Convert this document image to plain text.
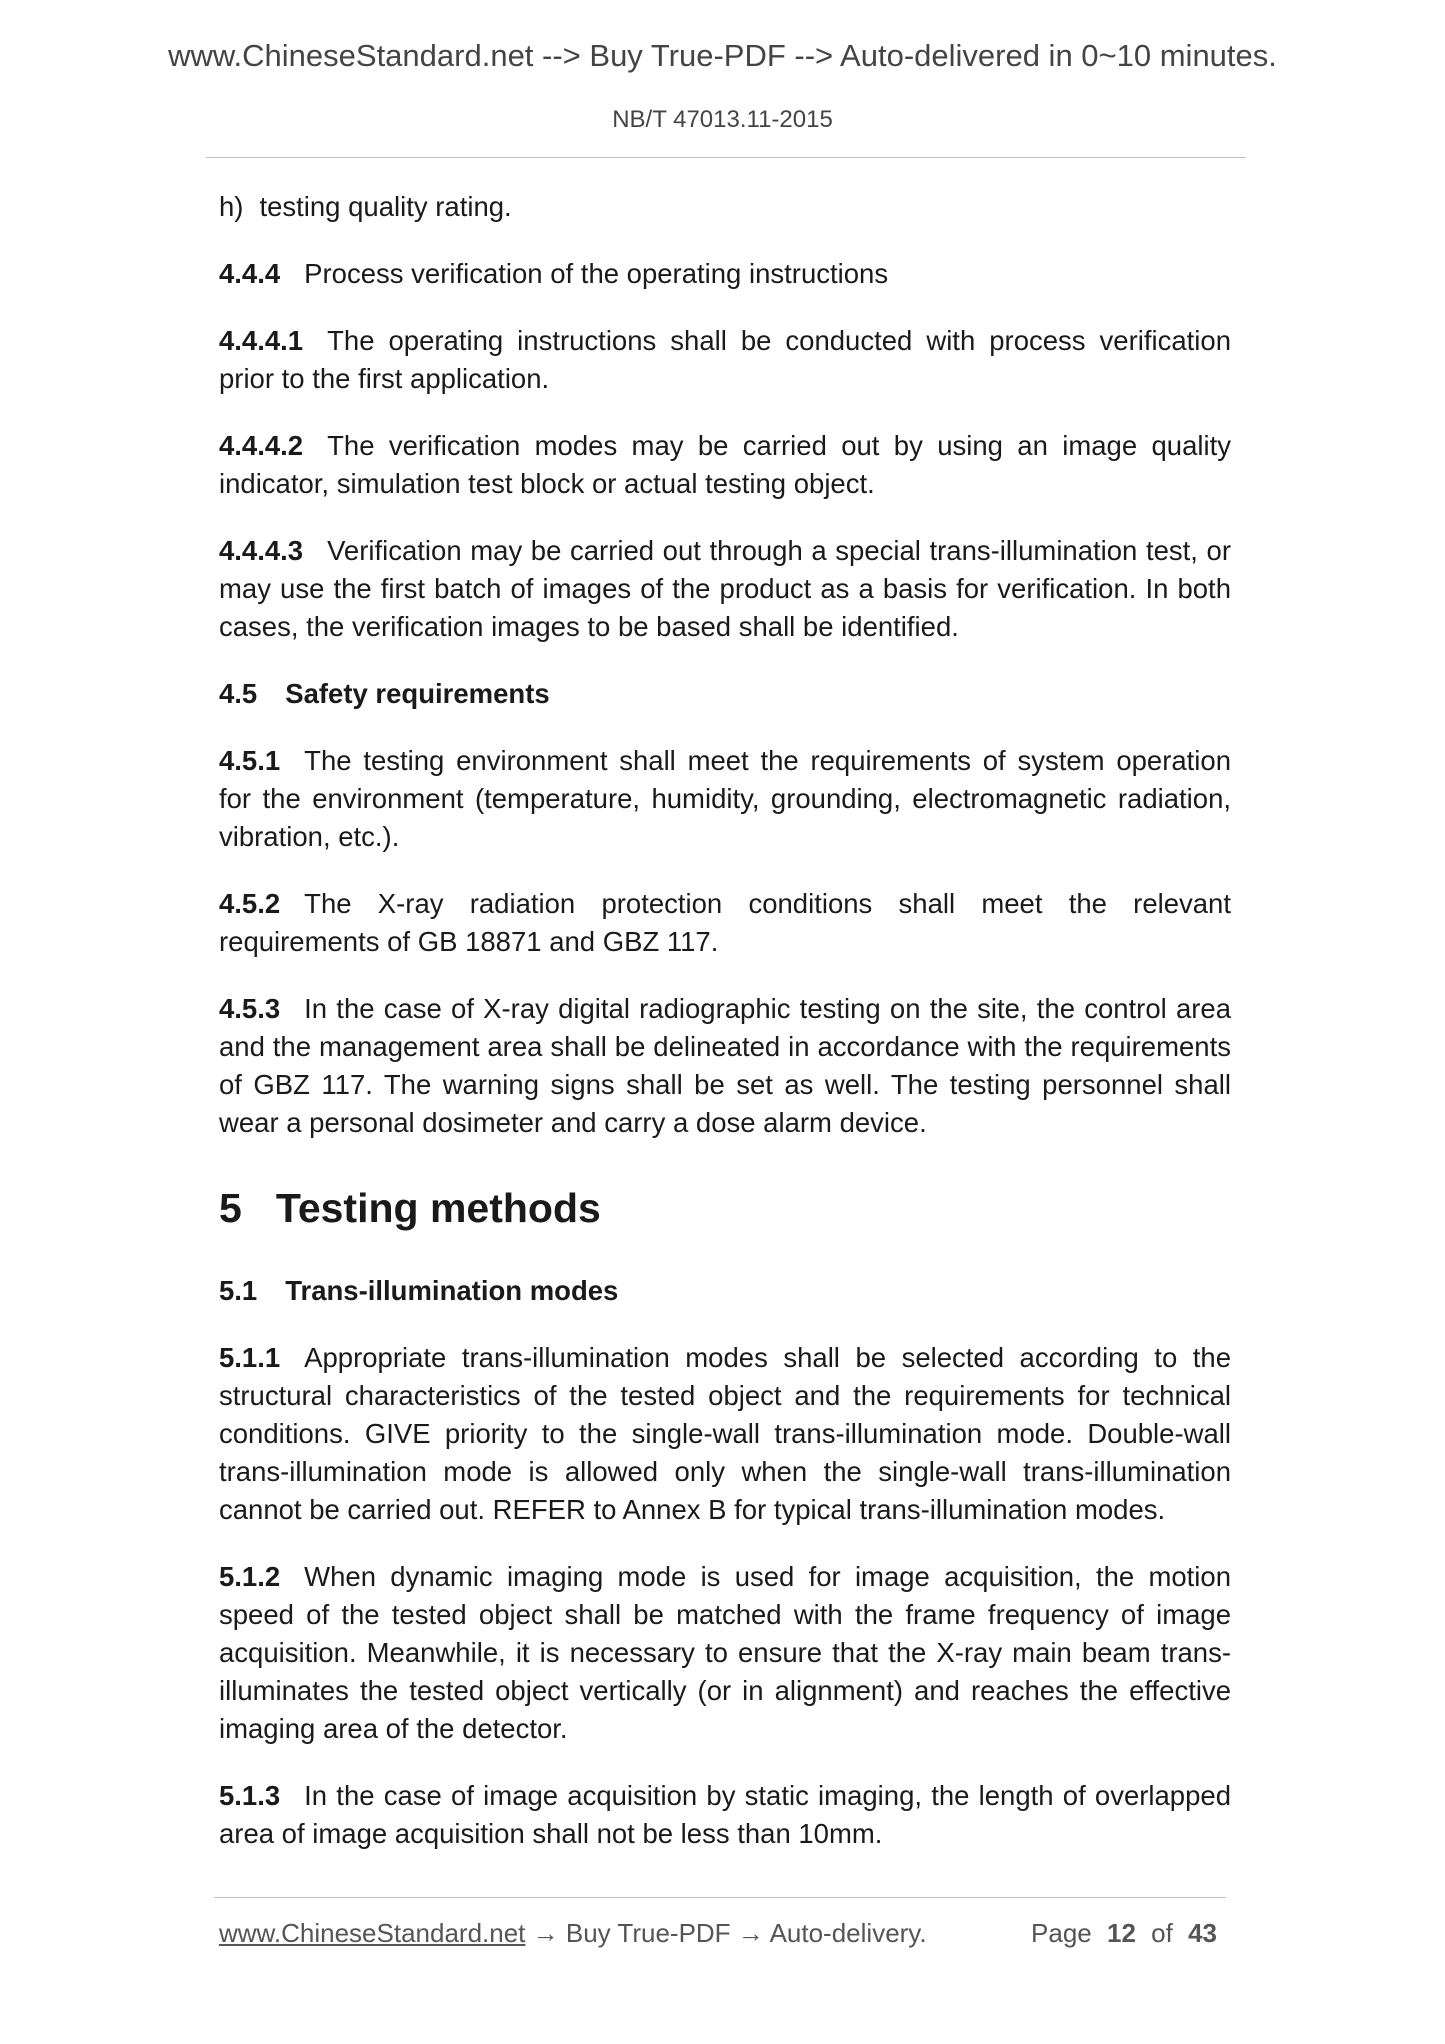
www.ChineseStandard.net --> Buy True-PDF --> Auto-delivered in 0~10 minutes.
NB/T 47013.11-2015

h) testing quality rating.

4.4.4 Process verification of the operating instructions

4.4.4.1 The operating instructions shall be conducted with process verification prior to the first application.

4.4.4.2 The verification modes may be carried out by using an image quality indicator, simulation test block or actual testing object.

4.4.4.3 Verification may be carried out through a special trans-illumination test, or may use the first batch of images of the product as a basis for verification. In both cases, the verification images to be based shall be identified.

4.5 Safety requirements

4.5.1 The testing environment shall meet the requirements of system operation for the environment (temperature, humidity, grounding, electromagnetic radiation, vibration, etc.).

4.5.2 The X-ray radiation protection conditions shall meet the relevant requirements of GB 18871 and GBZ 117.

4.5.3 In the case of X-ray digital radiographic testing on the site, the control area and the management area shall be delineated in accordance with the requirements of GBZ 117. The warning signs shall be set as well. The testing personnel shall wear a personal dosimeter and carry a dose alarm device.

5 Testing methods
5.1 Trans-illumination modes

5.1.1 Appropriate trans-illumination modes shall be selected according to the structural characteristics of the tested object and the requirements for technical conditions. GIVE priority to the single-wall trans-illumination mode. Double-wall trans-illumination mode is allowed only when the single-wall trans-illumination cannot be carried out. REFER to Annex B for typical trans-illumination modes.

5.1.2 When dynamic imaging mode is used for image acquisition, the motion speed of the tested object shall be matched with the frame frequency of image acquisition. Meanwhile, it is necessary to ensure that the X-ray main beam trans-illuminates the tested object vertically (or in alignment) and reaches the effective imaging area of the detector.

5.1.3 In the case of image acquisition by static imaging, the length of overlapped area of image acquisition shall not be less than 10mm.

www.ChineseStandard.net → Buy True-PDF → Auto-delivery.	Page 12 of 43
